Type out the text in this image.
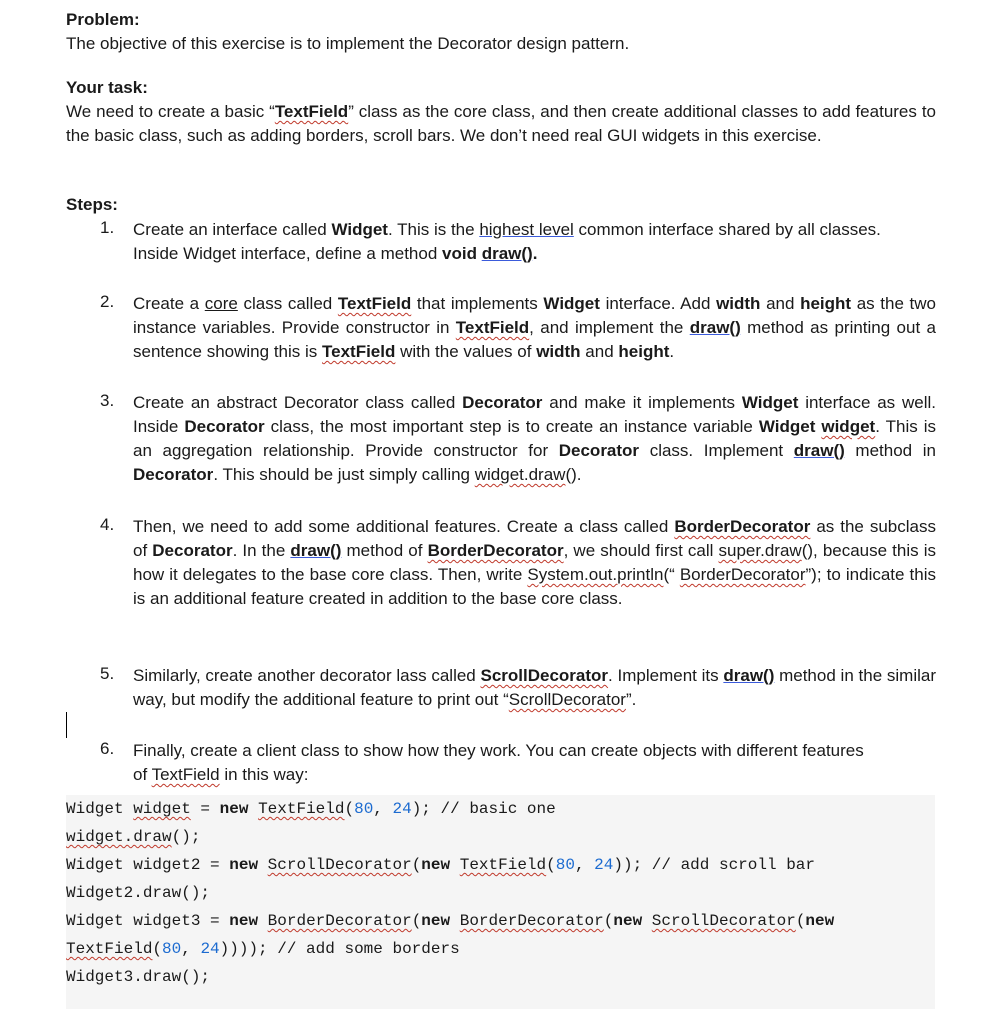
Problem:
The objective of this exercise is to implement the Decorator design pattern.
Your task:
We need to create a basic “TextField” class as the core class, and then create additional classes to add features to the basic class, such as adding borders, scroll bars. We don’t need real GUI widgets in this exercise.
Steps:
1. Create an interface called Widget. This is the highest level common interface shared by all classes.
Inside Widget interface, define a method void draw().
2. Create a core class called TextField that implements Widget interface. Add width and height as the two instance variables. Provide constructor in TextField, and implement the draw() method as printing out a sentence showing this is TextField with the values of width and height.
3. Create an abstract Decorator class called Decorator and make it implements Widget interface as well. Inside Decorator class, the most important step is to create an instance variable Widget widget. This is an aggregation relationship. Provide constructor for Decorator class. Implement draw() method in Decorator. This should be just simply calling widget.draw().
4. Then, we need to add some additional features. Create a class called BorderDecorator as the subclass of Decorator. In the draw() method of BorderDecorator, we should first call super.draw(), because this is how it delegates to the base core class. Then, write System.out.println(“ BorderDecorator”); to indicate this is an additional feature created in addition to the base core class.
5. Similarly, create another decorator lass called ScrollDecorator. Implement its draw() method in the similar way, but modify the additional feature to print out “ScrollDecorator”.
6. Finally, create a client class to show how they work. You can create objects with different features
of TextField in this way:
Widget widget = new TextField(80, 24); // basic one
widget.draw();
Widget widget2 = new ScrollDecorator(new TextField(80, 24)); // add scroll bar
Widget2.draw();
Widget widget3 = new BorderDecorator(new BorderDecorator(new ScrollDecorator(new
TextField(80, 24)))); // add some borders
Widget3.draw();
